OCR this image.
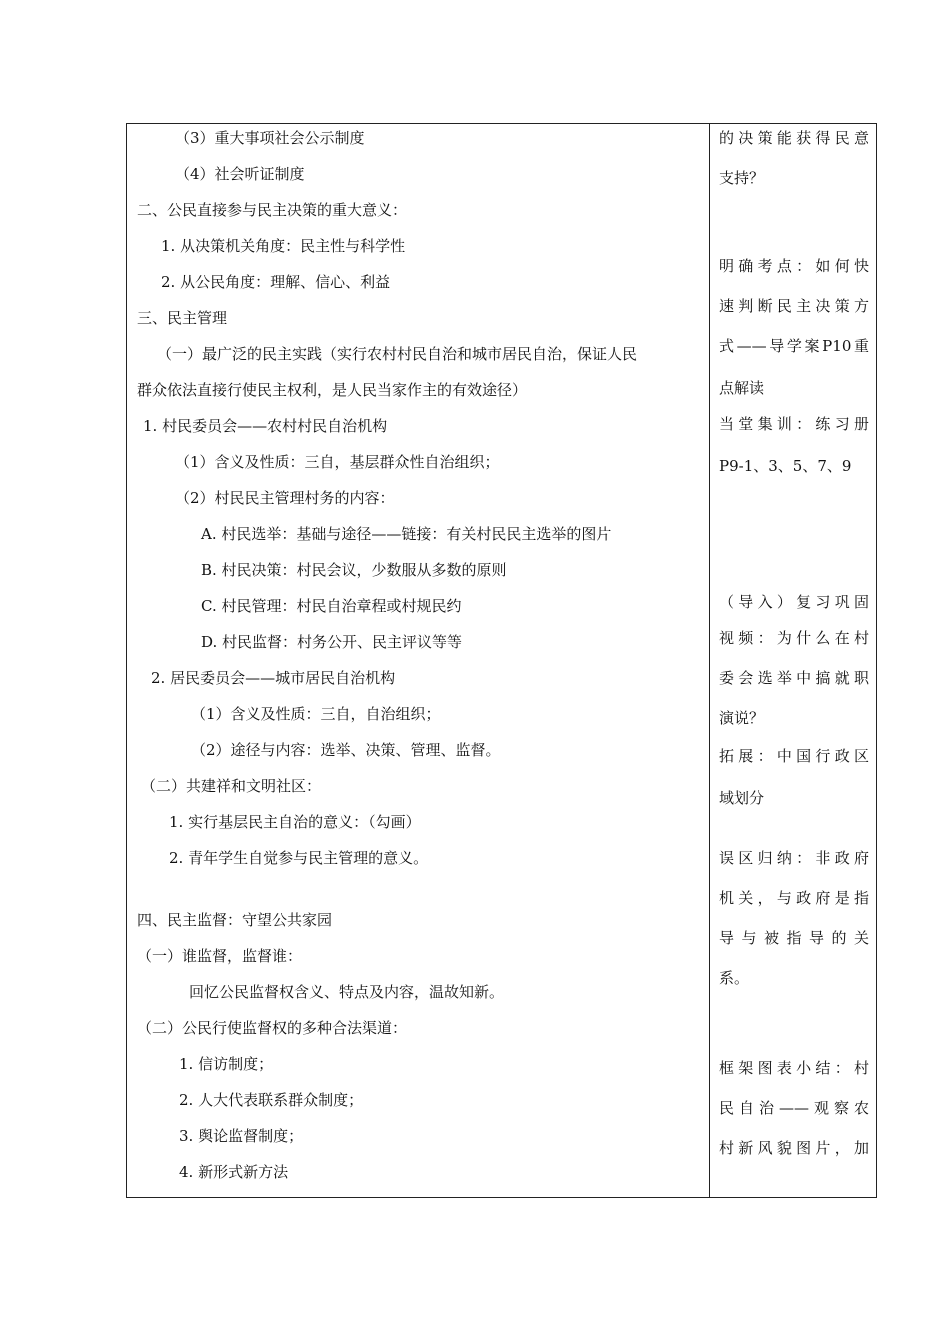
（3）重大事项社会公示制度
（4）社会听证制度
二、公民直接参与民主决策的重大意义：
1. 从决策机关角度：民主性与科学性
2. 从公民角度：理解、信心、利益
三、民主管理
（一）最广泛的民主实践（实行农村村民自治和城市居民自治，保证人民
群众依法直接行使民主权利，是人民当家作主的有效途径）
1. 村民委员会——农村村民自治机构
（1）含义及性质：三自，基层群众性自治组织；
（2）村民民主管理村务的内容：
A. 村民选举：基础与途径——链接：有关村民民主选举的图片
B. 村民决策：村民会议，少数服从多数的原则
C. 村民管理：村民自治章程或村规民约
D. 村民监督：村务公开、民主评议等等
2. 居民委员会——城市居民自治机构
（1）含义及性质：三自，自治组织；
（2）途径与内容：选举、决策、管理、监督。
（二）共建祥和文明社区：
1. 实行基层民主自治的意义：（勾画）
2. 青年学生自觉参与民主管理的意义。
四、民主监督：守望公共家园
（一）谁监督，监督谁：
回忆公民监督权含义、特点及内容，温故知新。
（二）公民行使监督权的多种合法渠道：
1. 信访制度；
2. 人大代表联系群众制度；
3. 舆论监督制度；
4. 新形式新方法
的决策能获得民意
支持？
明确考点：如何快
速判断民主决策方
式——导学案P10重
点解读
当堂集训：练习册
P9-1、3、5、7、9
（导入）复习巩固
视频：为什么在村
委会选举中搞就职
演说？
拓展：中国行政区
域划分
误区归纳：非政府
机关，与政府是指
导与被指导的关
系。
框架图表小结：村
民自治——观察农
村新风貌图片，加
